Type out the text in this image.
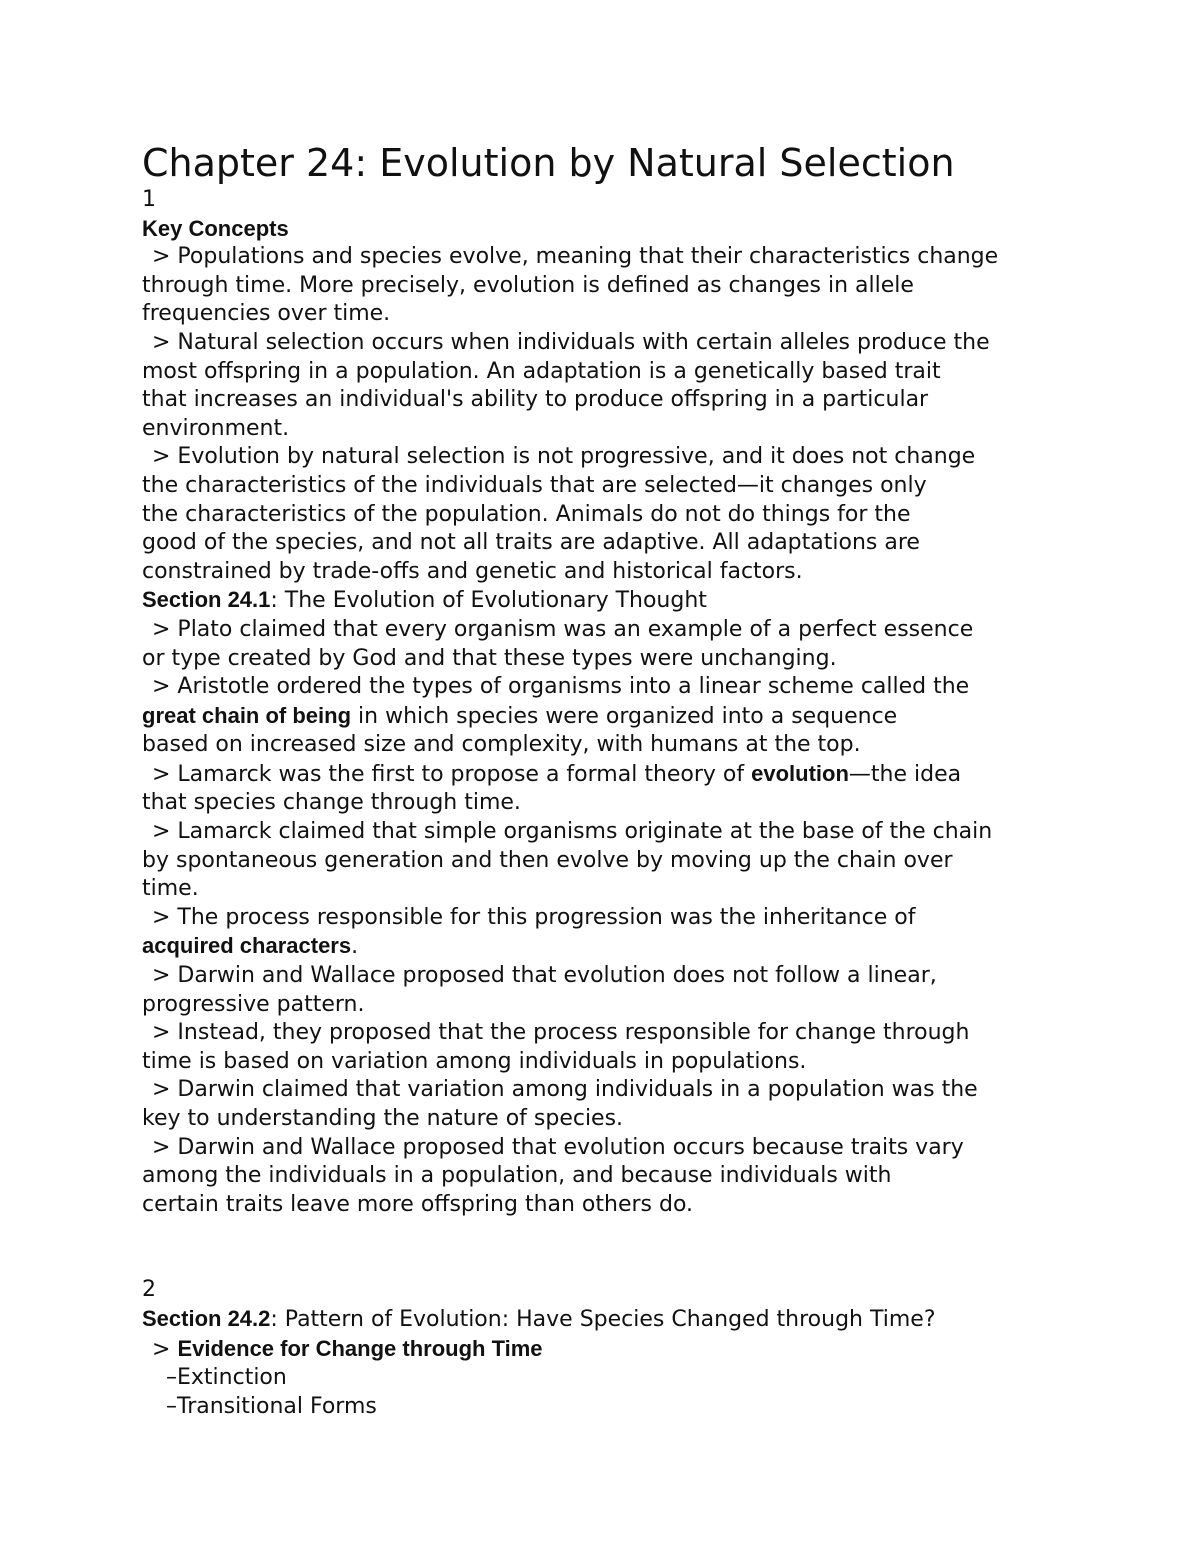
Chapter 24: Evolution by Natural Selection

1

Key Concepts

> Populations and species evolve, meaning that their characteristics change

through time. More precisely, evolution is defined as changes in allele

frequencies over time.

> Natural selection occurs when individuals with certain alleles produce the

most offspring in a population. An adaptation is a genetically based trait

that increases an individual's ability to produce offspring in a particular

environment.

> Evolution by natural selection is not progressive, and it does not change

the characteristics of the individuals that are selected—it changes only

the characteristics of the population. Animals do not do things for the

good of the species, and not all traits are adaptive. All adaptations are

constrained by trade-offs and genetic and historical factors.

Section 24.1: The Evolution of Evolutionary Thought

> Plato claimed that every organism was an example of a perfect essence

or type created by God and that these types were unchanging.

> Aristotle ordered the types of organisms into a linear scheme called the

great chain of being in which species were organized into a sequence

based on increased size and complexity, with humans at the top.

> Lamarck was the first to propose a formal theory of evolution—the idea

that species change through time.

> Lamarck claimed that simple organisms originate at the base of the chain

by spontaneous generation and then evolve by moving up the chain over

time.

> The process responsible for this progression was the inheritance of

acquired characters.

> Darwin and Wallace proposed that evolution does not follow a linear,

progressive pattern.

> Instead, they proposed that the process responsible for change through

time is based on variation among individuals in populations.

> Darwin claimed that variation among individuals in a population was the

key to understanding the nature of species.

> Darwin and Wallace proposed that evolution occurs because traits vary

among the individuals in a population, and because individuals with

certain traits leave more offspring than others do.

2

Section 24.2: Pattern of Evolution: Have Species Changed through Time?

> Evidence for Change through Time

–Extinction

–Transitional Forms
